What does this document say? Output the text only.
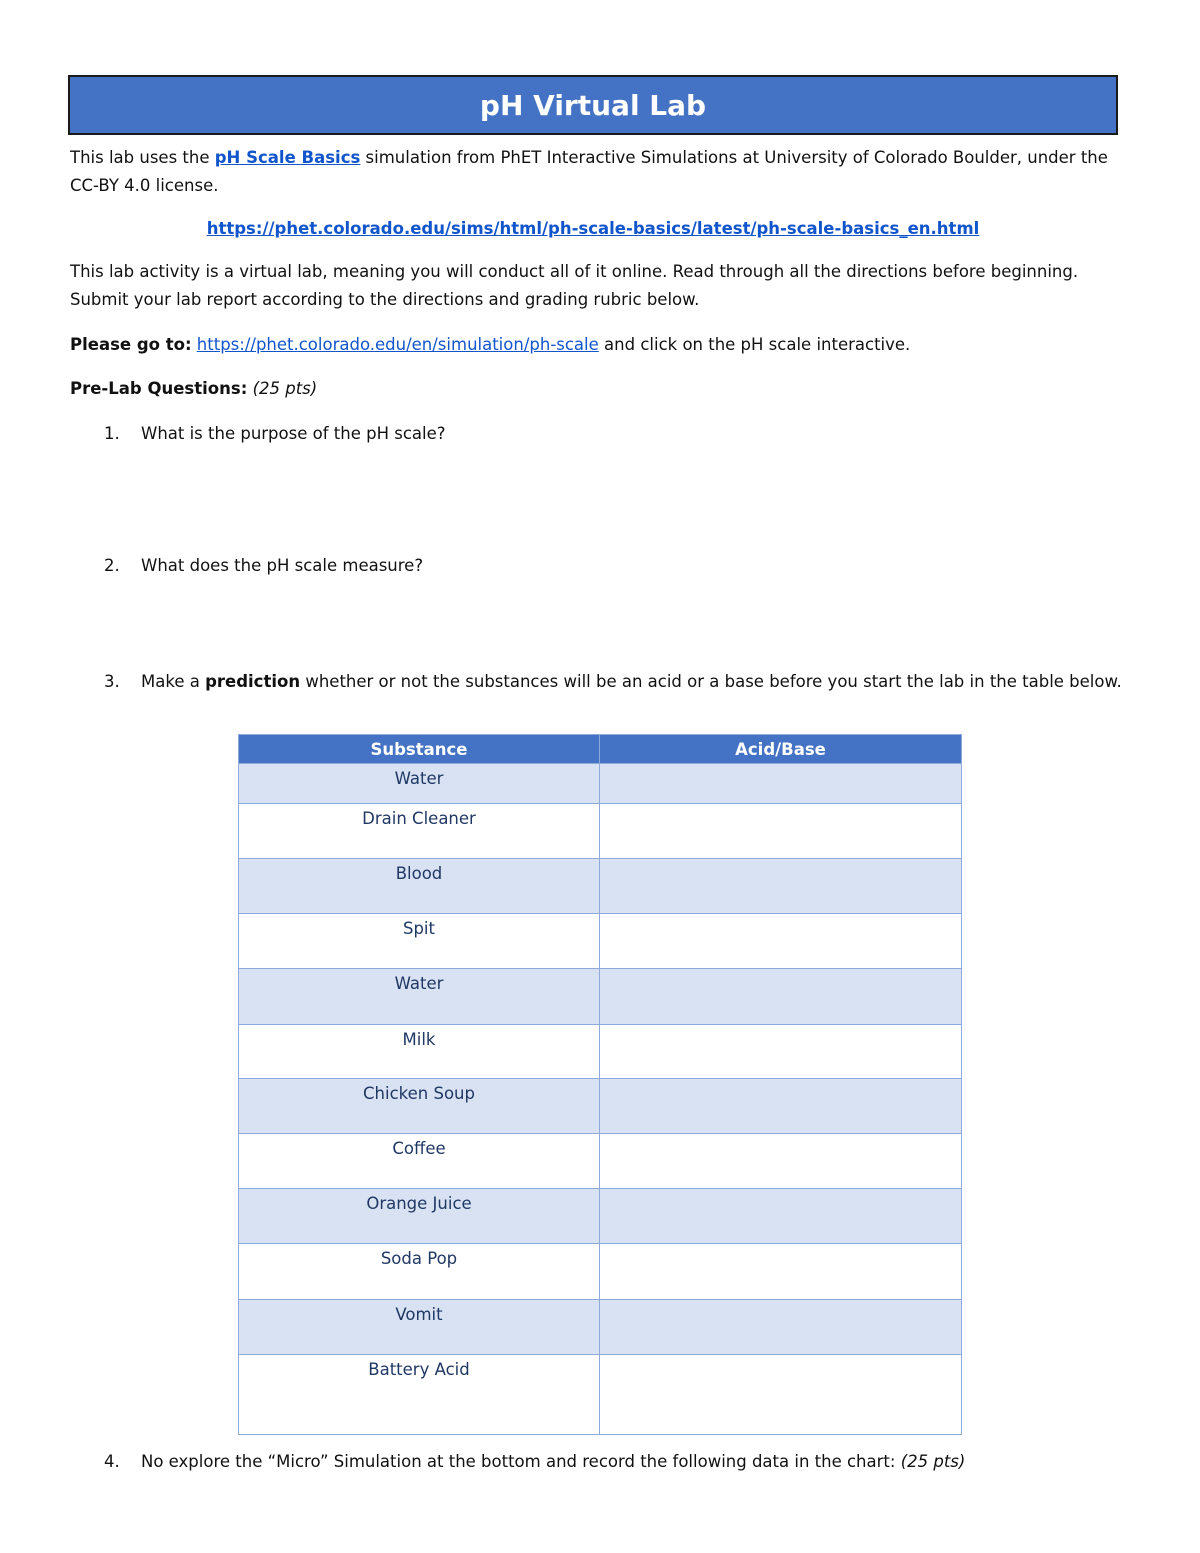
pH Virtual Lab

This lab uses the pH Scale Basics simulation from PhET Interactive Simulations at University of Colorado Boulder, under the CC-BY 4.0 license.

https://phet.colorado.edu/sims/html/ph-scale-basics/latest/ph-scale-basics_en.html

This lab activity is a virtual lab, meaning you will conduct all of it online. Read through all the directions before beginning. Submit your lab report according to the directions and grading rubric below.

Please go to: https://phet.colorado.edu/en/simulation/ph-scale and click on the pH scale interactive.

Pre-Lab Questions: (25 pts)

1.	What is the purpose of the pH scale?
2.	What does the pH scale measure?
3.	Make a prediction whether or not the substances will be an acid or a base before you start the lab in the table below.
Substance	Acid/Base
Water	
Drain Cleaner	
Blood	
Spit	
Water	
Milk	
Chicken Soup	
Coffee	
Orange Juice	
Soda Pop	
Vomit	
Battery Acid	
4.	No explore the “Micro” Simulation at the bottom and record the following data in the chart: (25 pts)
